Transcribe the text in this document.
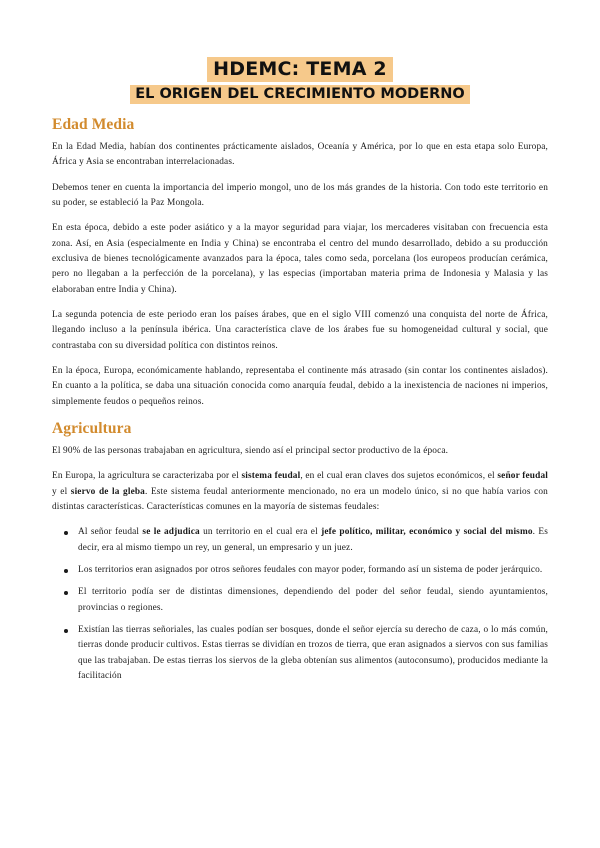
HDEMC: TEMA 2
EL ORIGEN DEL CRECIMIENTO MODERNO
Edad Media

En la Edad Media, habían dos continentes prácticamente aislados, Oceanía y América, por lo que en esta etapa solo Europa, África y Asia se encontraban interrelacionadas.

Debemos tener en cuenta la importancia del imperio mongol, uno de los más grandes de la historia. Con todo este territorio en su poder, se estableció la Paz Mongola.

En esta época, debido a este poder asiático y a la mayor seguridad para viajar, los mercaderes visitaban con frecuencia esta zona. Así, en Asia (especialmente en India y China) se encontraba el centro del mundo desarrollado, debido a su producción exclusiva de bienes tecnológicamente avanzados para la época, tales como seda, porcelana (los europeos producían cerámica, pero no llegaban a la perfección de la porcelana), y las especias (importaban materia prima de Indonesia y Malasia y las elaboraban entre India y China).

La segunda potencia de este periodo eran los países árabes, que en el siglo VIII comenzó una conquista del norte de África, llegando incluso a la península ibérica. Una característica clave de los árabes fue su homogeneidad cultural y social, que contrastaba con su diversidad política con distintos reinos.

En la época, Europa, económicamente hablando, representaba el continente más atrasado (sin contar los continentes aislados). En cuanto a la política, se daba una situación conocida como anarquía feudal, debido a la inexistencia de naciones ni imperios, simplemente feudos o pequeños reinos.

Agricultura

El 90% de las personas trabajaban en agricultura, siendo así el principal sector productivo de la época.

En Europa, la agricultura se caracterizaba por el sistema feudal, en el cual eran claves dos sujetos económicos, el señor feudal y el siervo de la gleba. Este sistema feudal anteriormente mencionado, no era un modelo único, si no que había varios con distintas características. Características comunes en la mayoría de sistemas feudales:

Al señor feudal se le adjudica un territorio en el cual era el jefe político, militar, económico y social del mismo. Es decir, era al mismo tiempo un rey, un general, un empresario y un juez.
Los territorios eran asignados por otros señores feudales con mayor poder, formando así un sistema de poder jerárquico.
El territorio podía ser de distintas dimensiones, dependiendo del poder del señor feudal, siendo ayuntamientos, provincias o regiones.
Existían las tierras señoriales, las cuales podían ser bosques, donde el señor ejercía su derecho de caza, o lo más común, tierras donde producir cultivos. Estas tierras se dividían en trozos de tierra, que eran asignados a siervos con sus familias que las trabajaban. De estas tierras los siervos de la gleba obtenían sus alimentos (autoconsumo), producidos mediante la facilitación
